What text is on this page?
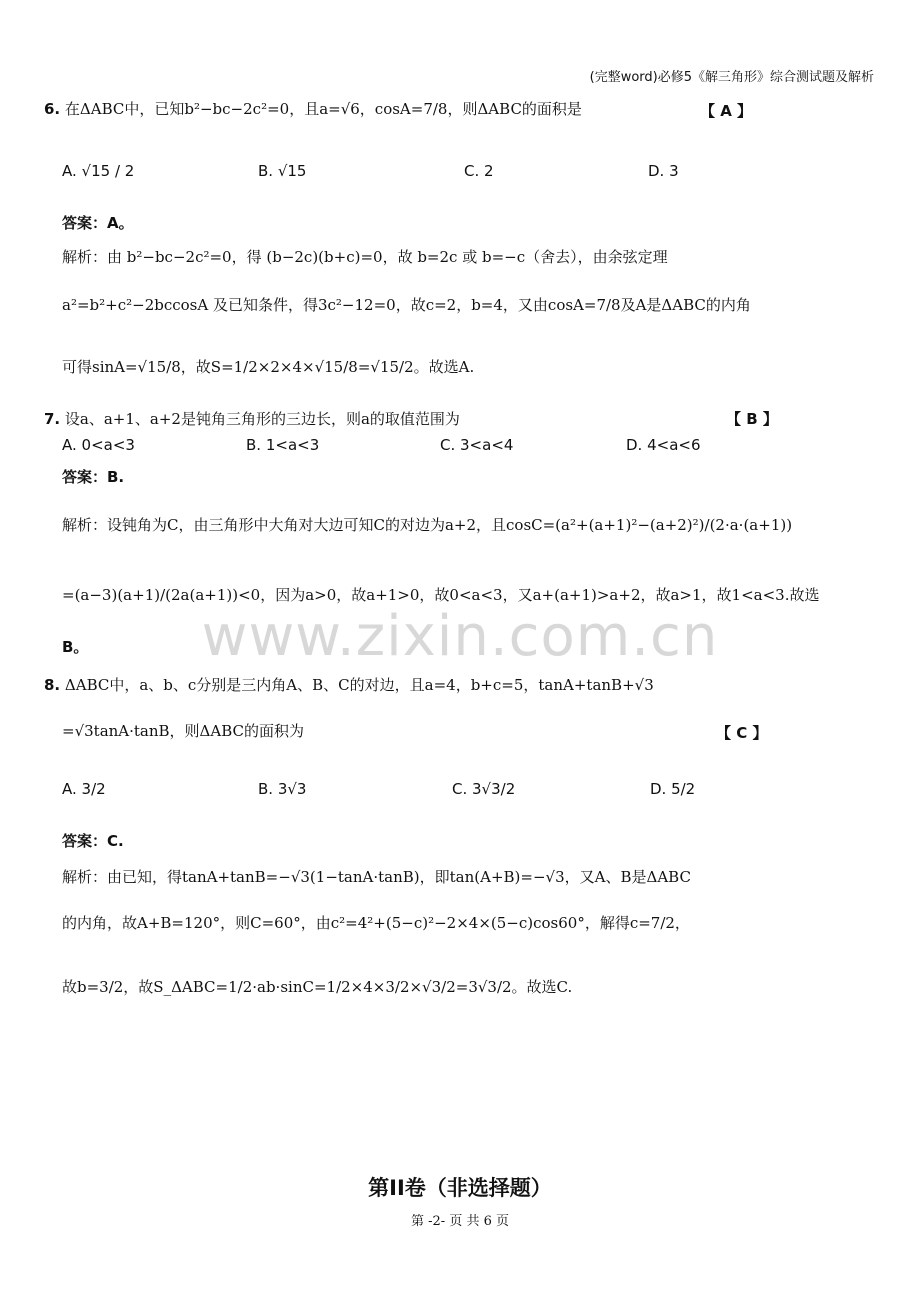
(完整word)必修5《解三角形》综合测试题及解析
www.zixin.com.cn
6. 在ΔABC中，已知b²−bc−2c²=0，且a=√6，cosA=7/8，则ΔABC的面积是	【 A 】
A. √15 / 2	B. √15	C. 2	D. 3
答案：A。
解析：由 b²−bc−2c²=0，得 (b−2c)(b+c)=0，故 b=2c 或 b=−c（舍去），由余弦定理
a²=b²+c²−2bccosA 及已知条件，得3c²−12=0，故c=2，b=4，又由cosA=7/8及A是ΔABC的内角
可得sinA=√15/8，故S=1/2×2×4×√15/8=√15/2。故选A.
7. 设a、a+1、a+2是钝角三角形的三边长，则a的取值范围为	【 B 】
A. 0<a<3	B. 1<a<3	C. 3<a<4	D. 4<a<6
答案：B.
解析：设钝角为C，由三角形中大角对大边可知C的对边为a+2，且cosC=(a²+(a+1)²−(a+2)²)/(2·a·(a+1))
=(a−3)(a+1)/(2a(a+1))<0，因为a>0，故a+1>0，故0<a<3，又a+(a+1)>a+2，故a>1，故1<a<3.故选
B。
8. ΔABC中，a、b、c分别是三内角A、B、C的对边，且a=4，b+c=5，tanA+tanB+√3
=√3tanA·tanB，则ΔABC的面积为	【 C 】
A. 3/2	B. 3√3	C. 3√3/2	D. 5/2
答案：C.
解析：由已知，得tanA+tanB=−√3(1−tanA·tanB)，即tan(A+B)=−√3，又A、B是ΔABC
的内角，故A+B=120°，则C=60°，由c²=4²+(5−c)²−2×4×(5−c)cos60°，解得c=7/2，
故b=3/2，故S_ΔABC=1/2·ab·sinC=1/2×4×3/2×√3/2=3√3/2。故选C.
第II卷（非选择题）
第 -2- 页 共 6 页
